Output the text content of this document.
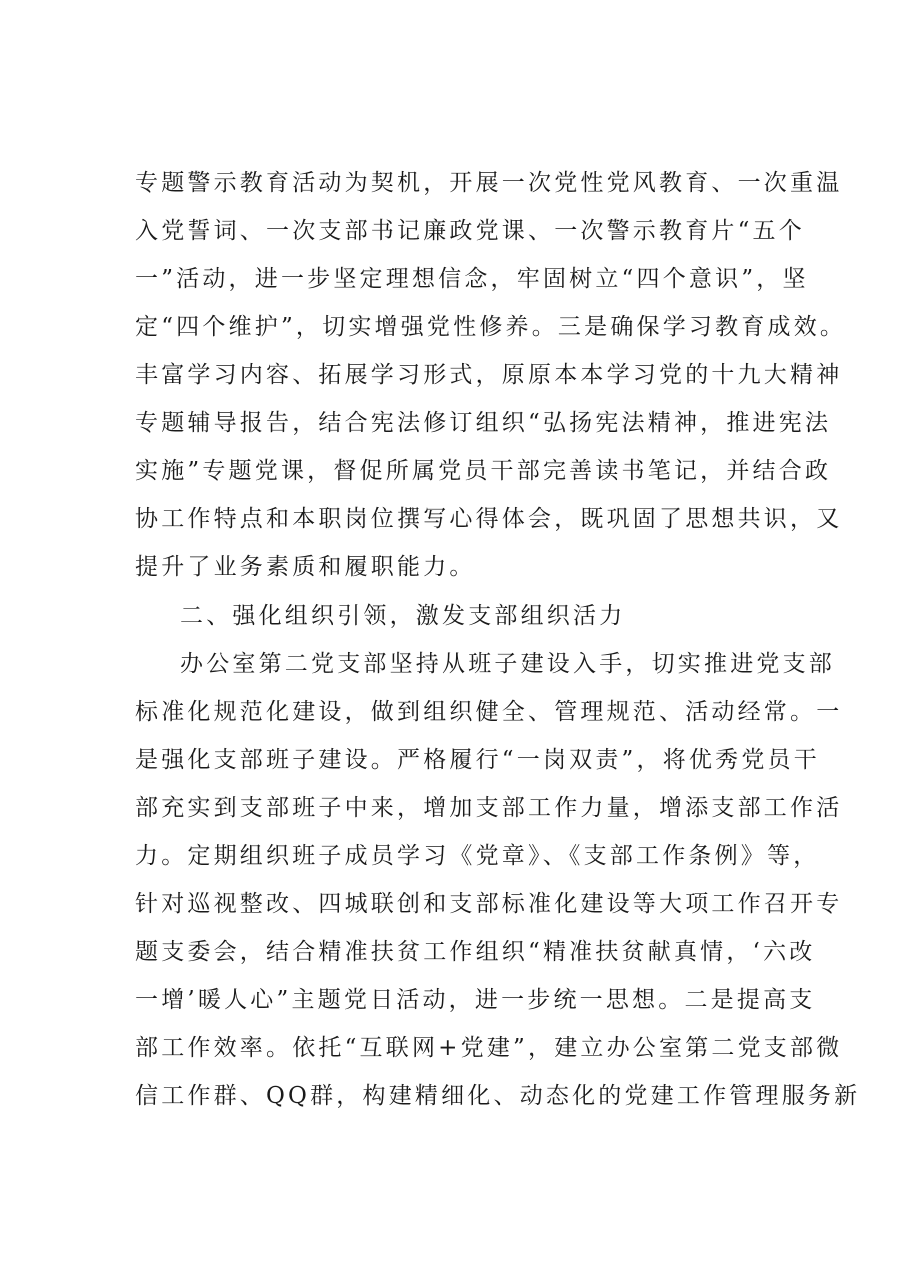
专题警示教育活动为契机，开展一次党性党风教育、一次重温
入党誓词、一次支部书记廉政党课、一次警示教育片“五个
一”活动，进一步坚定理想信念，牢固树立“四个意识”，坚
定“四个维护”，切实增强党性修养。三是确保学习教育成效。
丰富学习内容、拓展学习形式，原原本本学习党的十九大精神
专题辅导报告，结合宪法修订组织“弘扬宪法精神，推进宪法
实施”专题党课，督促所属党员干部完善读书笔记，并结合政
协工作特点和本职岗位撰写心得体会，既巩固了思想共识，又
提升了业务素质和履职能力。
二、强化组织引领，激发支部组织活力
办公室第二党支部坚持从班子建设入手，切实推进党支部
标准化规范化建设，做到组织健全、管理规范、活动经常。一
是强化支部班子建设。严格履行“一岗双责”，将优秀党员干
部充实到支部班子中来，增加支部工作力量，增添支部工作活
力。定期组织班子成员学习《党章》、《支部工作条例》等，
针对巡视整改、四城联创和支部标准化建设等大项工作召开专
题支委会，结合精准扶贫工作组织“精准扶贫献真情，‘六改
一增’暖人心”主题党日活动，进一步统一思想。二是提高支
部工作效率。依托“互联网+党建”，建立办公室第二党支部微
信工作群、QQ群，构建精细化、动态化的党建工作管理服务新
